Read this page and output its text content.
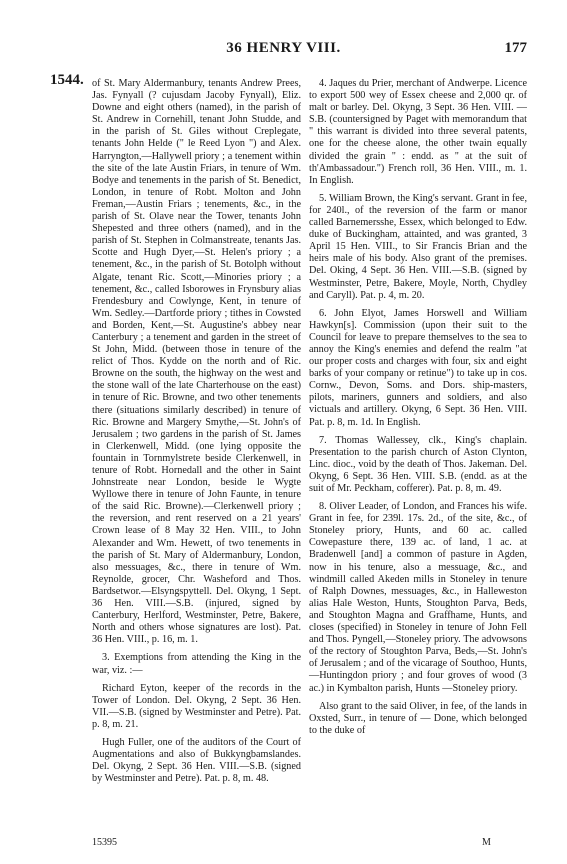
36 HENRY VIII.	177
1544. of St. Mary Aldermanbury, tenants Andrew Prees, Jas. Fynyall (? cujusdam Jacoby Fynyall), Eliz. Downe and eight others (named), in the parish of St. Andrew in Cornehill, tenant John Studde, and in the parish of St. Giles without Creplegate, tenants John Helde (" le Reed Lyon ") and Alex. Harryngton,—Hallywell priory ; a tenement within the site of the late Austin Friars, in tenure of Wm. Bodye and tenements in the parish of St. Benedict, London, in tenure of Robt. Molton and John Freman,—Austin Friars ; tenements, &c., in the parish of St. Olave near the Tower, tenants John Shepested and three others (named), and in the parish of St. Stephen in Colmanstreate, tenants Jas. Scotte and Hugh Dyer,—St. Helen's priory ; a tenement, &c., in the parish of St. Botolph without Algate, tenant Ric. Scott,—Minories priory ; a tenement, &c., called Isborowes in Frynsbury alias Frendesbury and Cowlynge, Kent, in tenure of Wm. Sedley.—Dartforde priory ; tithes in Cowsted and Borden, Kent,—St. Augustine's abbey near Canterbury ; a tenement and garden in the street of St John, Midd. (between those in tenure of the relict of Thos. Kydde on the north and of Ric. Browne on the south, the highway on the west and the stone wall of the late Charterhouse on the east) in tenure of Ric. Browne, and two other tenements there (situations similarly described) in tenure of Ric. Browne and Margery Smythe,—St. John's of Jerusalem ; two gardens in the parish of St. James in Clerkenwell, Midd. (one lying opposite the fountain in Tornmylstrete beside Clerkenwell, in tenure of Robt. Hornedall and the other in Saint Johnstreate near London, beside le Wygte Wyllowe there in tenure of John Faunte, in tenure of the said Ric. Browne).—Clerkenwell priory ; the reversion, and rent reserved on a 21 years' Crown lease of 8 May 32 Hen. VIII., to John Alexander and Wm. Hewett, of two tenements in the parish of St. Mary of Aldermanbury, London, also messuages, &c., there in tenure of Wm. Reynolde, grocer, Chr. Washeford and Thos. Bardsetwor.—Elsyngspyttell. Del. Okyng, 1 Sept. 36 Hen. VIII.—S.B. (injured, signed by Canterbury, Herlford, Westminster, Petre, Bakere, North and others whose signatures are lost). Pat. 36 Hen. VIII., p. 16, m. 1.

3. Exemptions from attending the King in the war, viz. :—

Richard Eyton, keeper of the records in the Tower of London. Del. Okyng, 2 Sept. 36 Hen. VII.—S.B. (signed by Westminster and Petre). Pat. p. 8, m. 21.

Hugh Fuller, one of the auditors of the Court of Augmentations and also of Bukkyngbamslandes. Del. Okyng, 2 Sept. 36 Hen. VIII.—S.B. (signed by Westminster and Petre). Pat. p. 8, m. 48.

4. Jaques du Prier, merchant of Andwerpe. Licence to export 500 wey of Essex cheese and 2,000 qr. of malt or barley. Del. Okyng, 3 Sept. 36 Hen. VIII. —S.B. (countersigned by Paget with memorandum that " this warrant is divided into three several patents, one for the cheese alone, the other twain equally divided the grain " : endd. as " at the suit of th'Ambassadour.") French roll, 36 Hen. VIII., m. 1. In English.

5. William Brown, the King's servant. Grant in fee, for 240l., of the reversion of the farm or manor called Barnemersshe, Essex, which belonged to Edw. duke of Buckingham, attainted, and was granted, 3 April 15 Hen. VIII., to Sir Francis Brian and the heirs male of his body. Also grant of the premises. Del. Oking, 4 Sept. 36 Hen. VIII.—S.B. (signed by Westminster, Petre, Bakere, Moyle, North, Chydley and Caryll). Pat. p. 4, m. 20.

6. John Elyot, James Horswell and William Hawkyn[s]. Commission (upon their suit to the Council for leave to prepare themselves to the sea to annoy the King's enemies and defend the realm "at our proper costs and charges with four, six and eight barks of your company or retinue") to take up in cos. Cornw., Devon, Soms. and Dors. ship-masters, pilots, mariners, gunners and soldiers, and also victuals and artillery. Okyng, 6 Sept. 36 Hen. VIII. Pat. p. 8, m. 1d. In English.

7. Thomas Wallessey, clk., King's chaplain. Presentation to the parish church of Aston Clynton, Linc. dioc., void by the death of Thos. Jakeman. Del. Okyng, 6 Sept. 36 Hen. VIII. S.B. (endd. as at the suit of Mr. Peckham, cofferer). Pat. p. 8, m. 49.

8. Oliver Leader, of London, and Frances his wife. Grant in fee, for 239l. 17s. 2d., of the site, &c., of Stoneley priory, Hunts, and 60 ac. called Cowepasture there, 139 ac. of land, 1 ac. at Bradenwell [and] a common of pasture in Agden, now in his tenure, also a messuage, &c., and windmill called Akeden mills in Stoneley in tenure of Ralph Downes, messuages, &c., in Halleweston alias Hale Weston, Hunts, Stoughton Parva, Beds, and Stoughton Magna and Graffhame, Hunts, and closes (specified) in Stoneley in tenure of John Fell and Thos. Pyngell,—Stoneley priory. The advowsons of the rectory of Stoughton Parva, Beds,—St. John's of Jerusalem ; and of the vicarage of Southoo, Hunts,—Huntingdon priory ; and four groves of wood (3 ac.) in Kymbalton parish, Hunts —Stoneley priory.

Also grant to the said Oliver, in fee, of the lands in Oxsted, Surr., in tenure of — Done, which belonged to the duke of

15395	M
